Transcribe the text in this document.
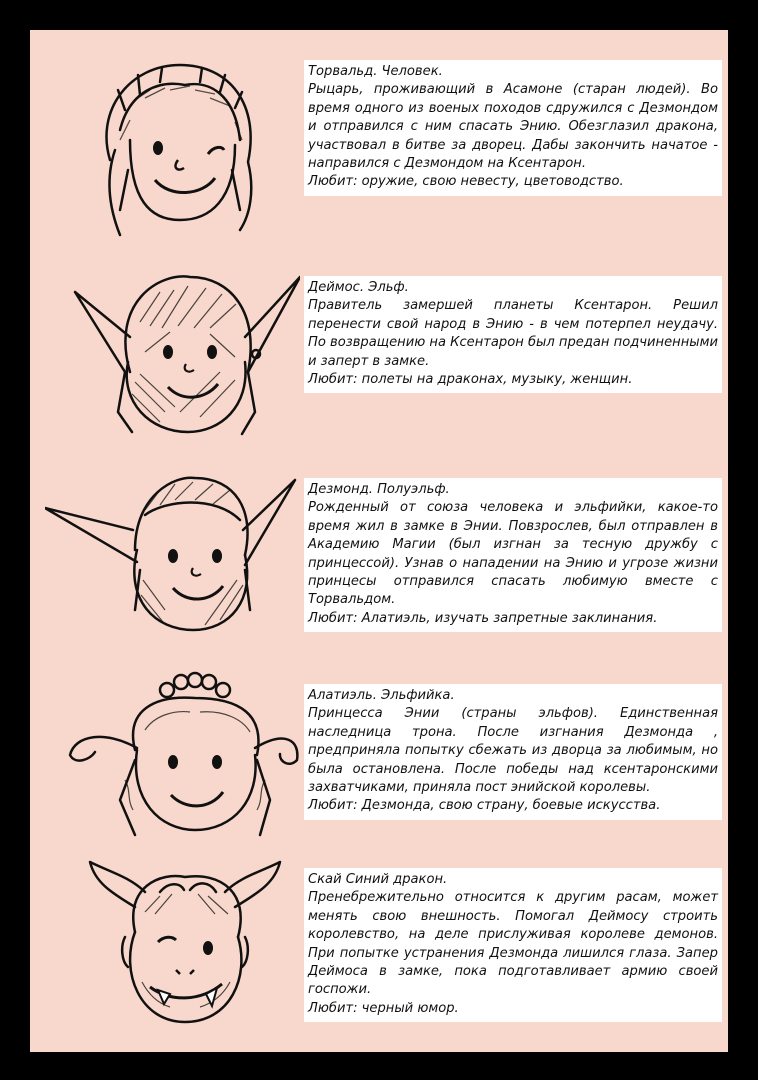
Торвальд. Человек.
Рыцарь, проживающий в Асамоне (старан людей). Во время одного из военых походов сдружился с Дезмондом и отправился с ним спасать Энию. Обезглазил дракона, участвовал в битве за дворец. Дабы закончить начатое - направился с Дезмондом на Ксентарон.
Любит: оружие, свою невесту, цветоводство.
Деймос. Эльф.
Правитель замершей планеты Ксентарон. Решил перенести свой народ в Энию - в чем потерпел неудачу. По возвращению на Ксентарон был предан подчиненными и заперт в замке.
Любит: полеты на драконах, музыку, женщин.
Дезмонд. Полуэльф.
Рожденный от союза человека и эльфийки, какое-то время жил в замке в Энии. Повзрослев, был отправлен в Академию Магии (был изгнан за тесную дружбу с принцессой). Узнав о нападении на Энию и угрозе жизни принцесы отправился спасать любимую вместе с Торвальдом.
Любит: Алатиэль, изучать запретные заклинания.
Алатиэль. Эльфийка.
Принцесса Энии (страны эльфов). Единственная наследница трона. После изгнания Дезмонда , предприняла попытку сбежать из дворца за любимым, но была остановлена. После победы над ксентаронскими захватчиками, приняла пост энийской королевы.
Любит: Дезмонда, свою страну, боевые искусства.
Скай Синий дракон.
Пренебрежительно относится к другим расам, может менять свою внешность. Помогал Деймосу строить королевство, на деле прислуживая королеве демонов. При попытке устранения Дезмонда лишился глаза. Запер Деймоса в замке, пока подготавливает армию своей госпожи.
Любит: черный юмор.
